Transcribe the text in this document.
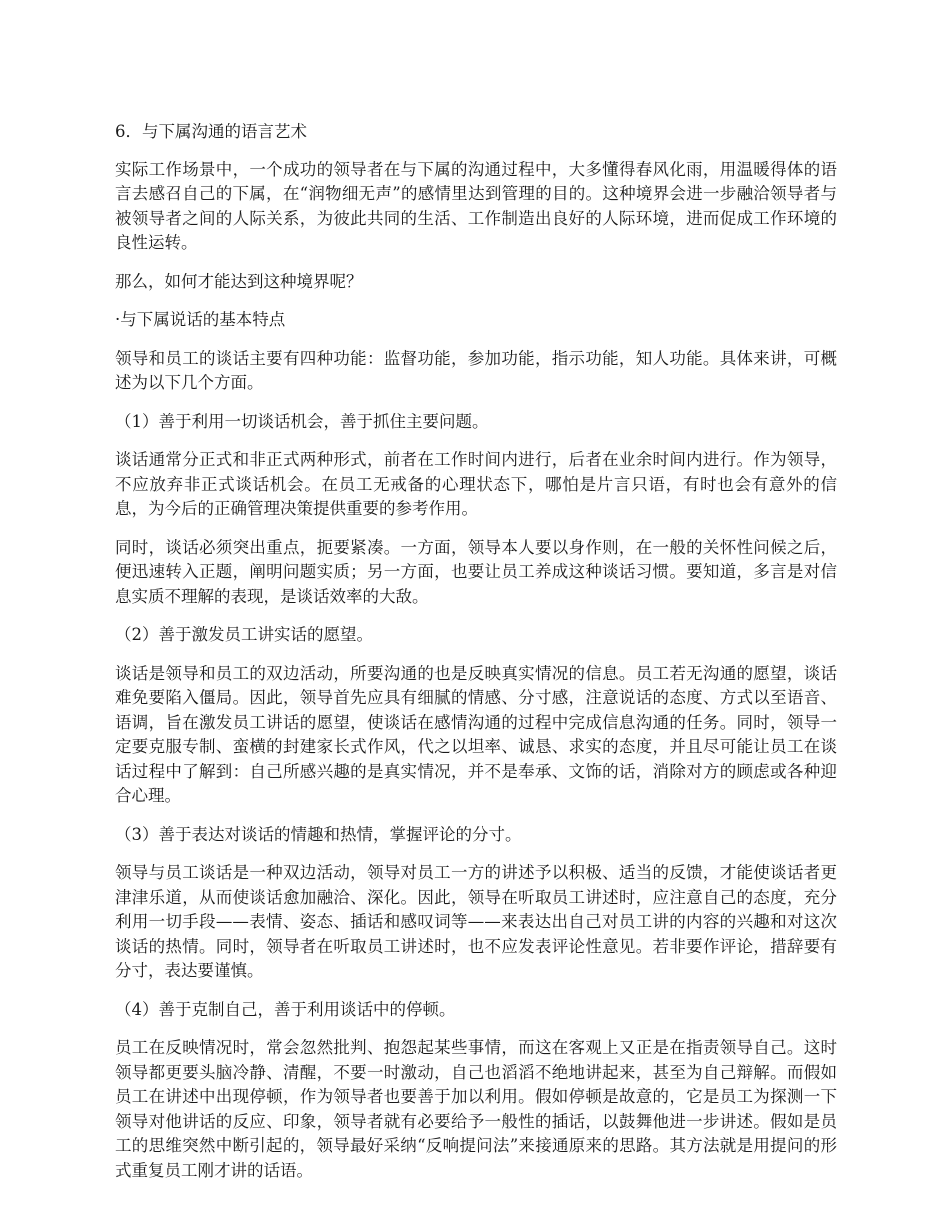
6．与下属沟通的语言艺术

实际工作场景中，一个成功的领导者在与下属的沟通过程中，大多懂得春风化雨，用温暖得体的语言去感召自己的下属，在“润物细无声”的感情里达到管理的目的。这种境界会进一步融洽领导者与被领导者之间的人际关系，为彼此共同的生活、工作制造出良好的人际环境，进而促成工作环境的良性运转。

那么，如何才能达到这种境界呢？

·与下属说话的基本特点

领导和员工的谈话主要有四种功能：监督功能，参加功能，指示功能，知人功能。具体来讲，可概述为以下几个方面。

（1）善于利用一切谈话机会，善于抓住主要问题。

谈话通常分正式和非正式两种形式，前者在工作时间内进行，后者在业余时间内进行。作为领导，不应放弃非正式谈话机会。在员工无戒备的心理状态下，哪怕是片言只语，有时也会有意外的信息，为今后的正确管理决策提供重要的参考作用。

同时，谈话必须突出重点，扼要紧凑。一方面，领导本人要以身作则，在一般的关怀性问候之后，便迅速转入正题，阐明问题实质；另一方面，也要让员工养成这种谈话习惯。要知道，多言是对信息实质不理解的表现，是谈话效率的大敌。

（2）善于激发员工讲实话的愿望。

谈话是领导和员工的双边活动，所要沟通的也是反映真实情况的信息。员工若无沟通的愿望，谈话难免要陷入僵局。因此，领导首先应具有细腻的情感、分寸感，注意说话的态度、方式以至语音、语调，旨在激发员工讲话的愿望，使谈话在感情沟通的过程中完成信息沟通的任务。同时，领导一定要克服专制、蛮横的封建家长式作风，代之以坦率、诚恳、求实的态度，并且尽可能让员工在谈话过程中了解到：自己所感兴趣的是真实情况，并不是奉承、文饰的话，消除对方的顾虑或各种迎合心理。

（3）善于表达对谈话的情趣和热情，掌握评论的分寸。

领导与员工谈话是一种双边活动，领导对员工一方的讲述予以积极、适当的反馈，才能使谈话者更津津乐道，从而使谈话愈加融洽、深化。因此，领导在听取员工讲述时，应注意自己的态度，充分利用一切手段——表情、姿态、插话和感叹词等——来表达出自己对员工讲的内容的兴趣和对这次谈话的热情。同时，领导者在听取员工讲述时，也不应发表评论性意见。若非要作评论，措辞要有分寸，表达要谨慎。

（4）善于克制自己，善于利用谈话中的停顿。

员工在反映情况时，常会忽然批判、抱怨起某些事情，而这在客观上又正是在指责领导自己。这时领导都更要头脑冷静、清醒，不要一时激动，自己也滔滔不绝地讲起来，甚至为自己辩解。而假如员工在讲述中出现停顿，作为领导者也要善于加以利用。假如停顿是故意的，它是员工为探测一下领导对他讲话的反应、印象，领导者就有必要给予一般性的插话，以鼓舞他进一步讲述。假如是员工的思维突然中断引起的，领导最好采纳“反响提问法”来接通原来的思路。其方法就是用提问的形式重复员工刚才讲的话语。
